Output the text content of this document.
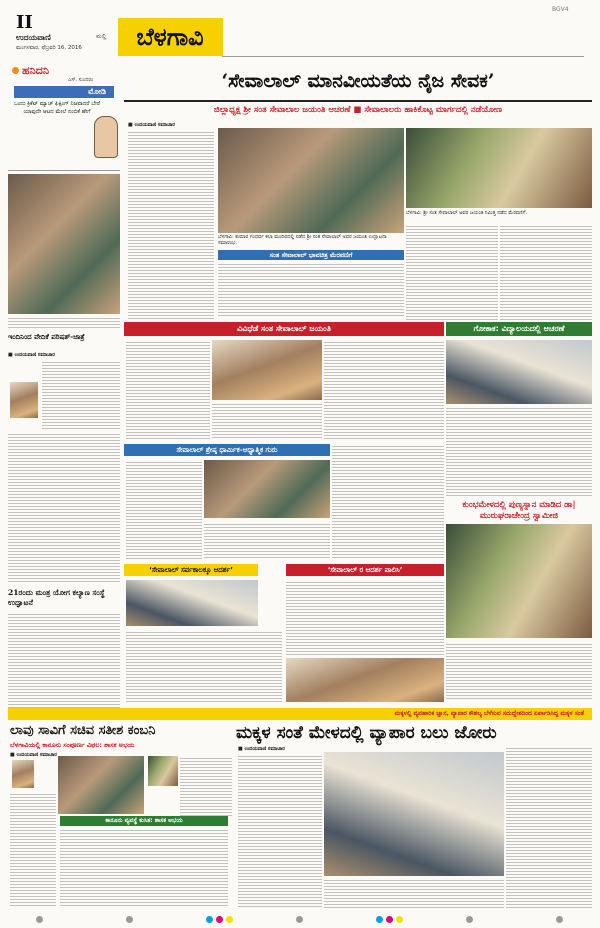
II
ಉದಯವಾಣಿ	ಮಲ್ಲಿ
ಮಂಗಳವಾರ, ಫೆಬ್ರವರಿ 16, 2016	ಬೆಳಗಾವಿ
BGV4
ಹನಿದನಿ
ಎಸ್. ಸುಂದರಂ
ಮೋಡಿ
ಒಂದು ಕ್ರಿಕೆಟ್ ಮ್ಯಾಚ್ ಫಿಕ್ಸಿಂಗ್ ನಿಜವಾದರೆ ಬೇರೆ ಯಾವುದೇ ಆಟದ ಮೇಲೆ ನಂಬಿಕೆ ಹೇಗೆ
ಇಂದಿನಿಂದ ವೇದಿಕೆ ಪರಿಷತ್-ಜಾತ್ರೆ
■ ಉದಯವಾಣಿ ಸಮಾಚಾರ
21ರಂದು ಮಂತ್ರ ಯೋಗ ಕಲ್ಯಾಣ ಸಂಸ್ಥೆ ಉದ್ಘಾಟನೆ
‘ಸೇವಾಲಾಲ್ ಮಾನವೀಯತೆಯ ನೈಜ ಸೇವಕ’
ಜಿಲ್ಲಾಧ್ಯಕ್ಷ ಶ್ರೀ ಸಂತ ಸೇವಾಲಾಲ ಜಯಂತಿ ಆಚರಣೆ ■ ಸೇವಾಲಾಲರು ಹಾಕಿಕೊಟ್ಟ ಮಾರ್ಗದಲ್ಲಿ ನಡೆಯೋಣ
■ ಉದಯವಾಣಿ ಸಮಾಚಾರ
ಬೆಳಗಾವಿ: ಕುಮಾರ ಗಂಧರ್ವ ಕಲಾ ಮಂದಿರದಲ್ಲಿ ನಡೆದ ಶ್ರೀ ಸಂತ ಸೇವಾಲಾಲ್ ಅವರ ಜಯಂತಿ ಉದ್ಘಾಟನಾ ಸಮಾರಂಭ.
ಬೆಳಗಾವಿ: ಶ್ರೀ ಸಂತ ಸೇವಾಲಾಲ್ ಅವರ ಜಯಂತಿ ನಿಮಿತ್ತ ನಡೆದ ಮೆರವಣಿಗೆ.
ಸಂತ ಸೇವಾಲಾಲ್ ಭಾವಚಿತ್ರ ಮೆರವಣಿಗೆ
ವಿವಿಧೆಡೆ ಸಂತ ಸೇವಾಲಾಲ್ ಜಯಂತಿ	ಗೋಕಾಕ: ವಿದ್ಯಾಲಯದಲ್ಲಿ ಆಚರಣೆ
ಸೇವಾಲಾಲ್ ಶ್ರೇಷ್ಠ ಧಾರ್ಮಿಕ-ಆಧ್ಯಾತ್ಮಿಕ ಗುರು
ಕುಂಭಮೇಳದಲ್ಲಿ ಪುಣ್ಯಸ್ನಾನ ಮಾಡಿದ ಡಾ| ಮುರುಘರಾಜೇಂದ್ರ ಸ್ವಾಮೀಜಿ
‘ಸೇವಾಲಾಲ್ ಸರ್ವಕಾಲಕ್ಕೂ ಆದರ್ಶ’	‘ಸೇವಾಲಾಲ್ ರ ಆದರ್ಶ ಪಾಲಿಸಿ’
ಮಕ್ಕಳಲ್ಲಿ ವ್ಯವಹಾರಿಕ ಜ್ಞಾನ, ವ್ಯಾಪಾರ ಕೌಶಲ್ಯ ಬೆಳೆಸುವ ಸದುದ್ದೇಶದಿಂದ ಏರ್ಪಾಡಿಸಿದ್ದ ಮಕ್ಕಳ ಸಂತೆ
ಲಾವು ಸಾವಿಗೆ ಸಚಿವ ಸತೀಶ ಕಂಬನಿ
ಬೆಳಗಾವಿಯಲ್ಲಿ ಕಾನೂನು ಸಂಪೂರ್ಣ ವಿಫಲ: ಶಾಸಕ ಅಭಯ
■ ಉದಯವಾಣಿ ಸಮಾಚಾರ
ಕಾನೂನು ವ್ಯವಸ್ಥೆ ಕುಸಿತ: ಶಾಸಕ ಅಭಯ
ಮಕ್ಕಳ ಸಂತೆ ಮೇಳದಲ್ಲಿ ವ್ಯಾಪಾರ ಬಲು ಜೋರು
■ ಉದಯವಾಣಿ ಸಮಾಚಾರ
